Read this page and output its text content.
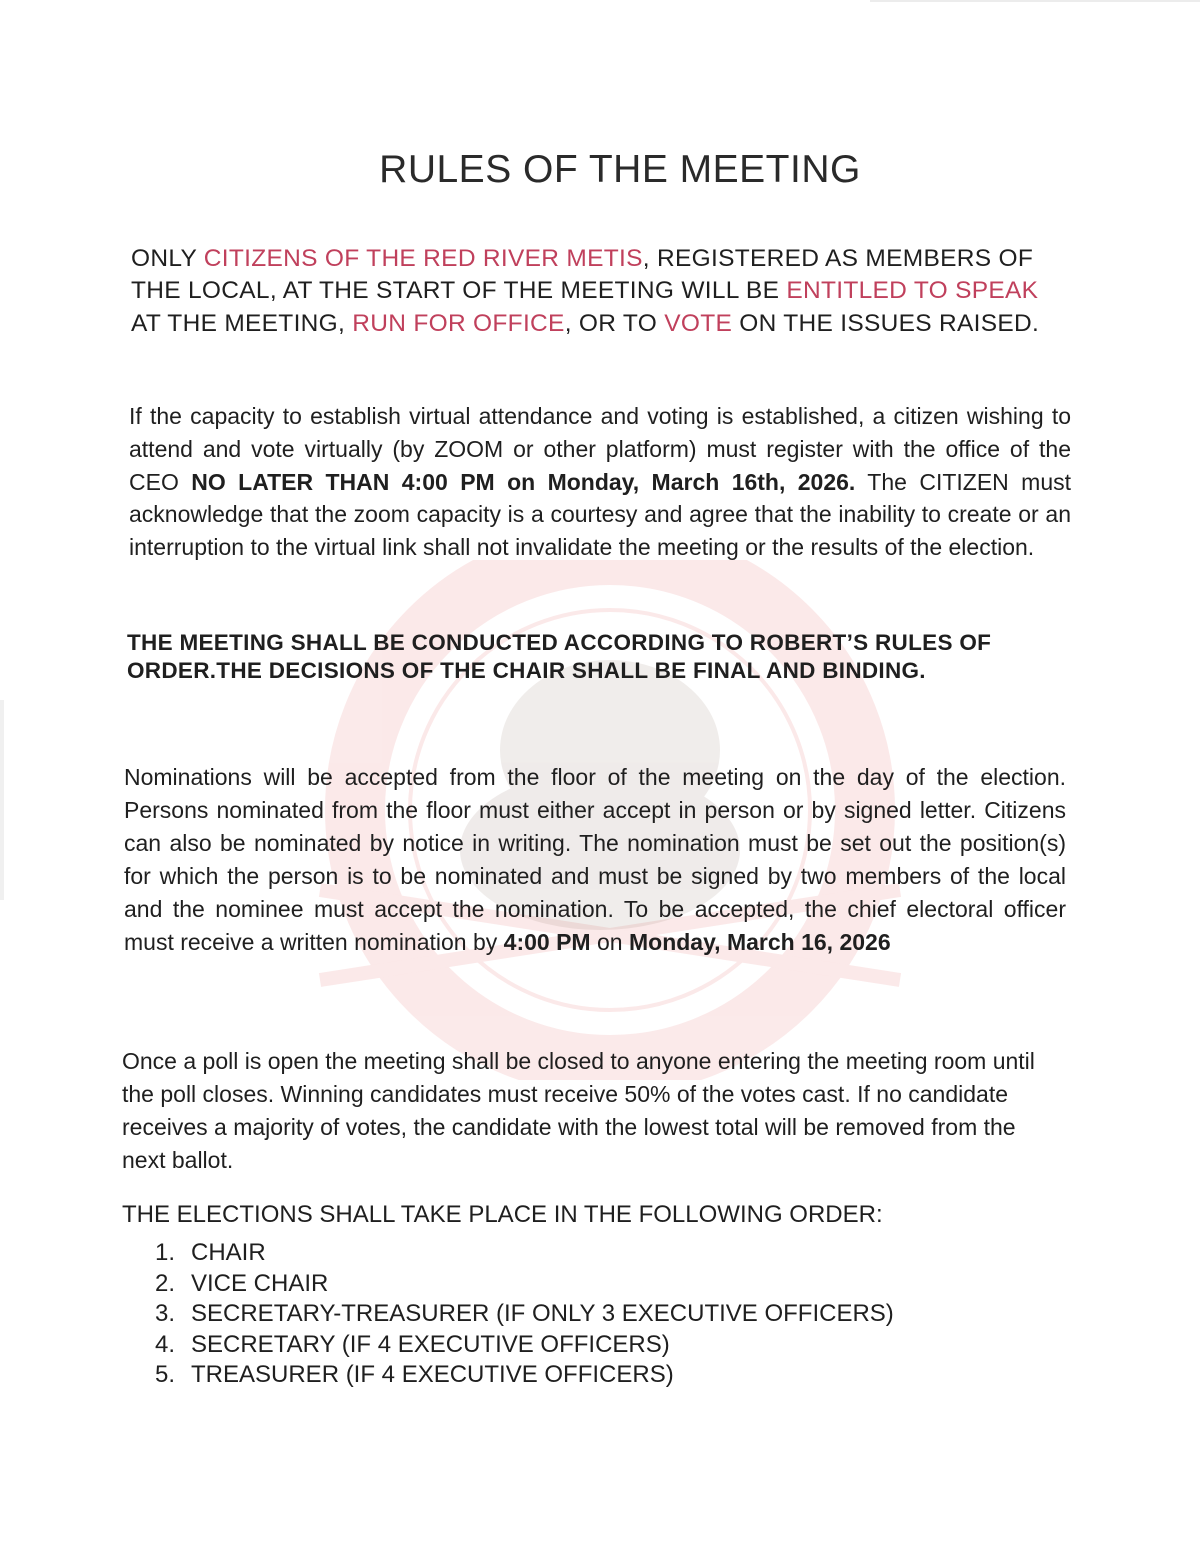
RULES OF THE MEETING

ONLY CITIZENS OF THE RED RIVER METIS, REGISTERED AS MEMBERS OF THE LOCAL, AT THE START OF THE MEETING WILL BE ENTITLED TO SPEAK AT THE MEETING, RUN FOR OFFICE, OR TO VOTE ON THE ISSUES RAISED.

If the capacity to establish virtual attendance and voting is established, a citizen wishing to attend and vote virtually (by ZOOM or other platform) must register with the office of the CEO NO LATER THAN 4:00 PM on Monday, March 16th, 2026. The CITIZEN must acknowledge that the zoom capacity is a courtesy and agree that the inability to create or an interruption to the virtual link shall not invalidate the meeting or the results of the election.

THE MEETING SHALL BE CONDUCTED ACCORDING TO ROBERT’S RULES OF ORDER.THE DECISIONS OF THE CHAIR SHALL BE FINAL AND BINDING.

Nominations will be accepted from the floor of the meeting on the day of the election. Persons nominated from the floor must either accept in person or by signed letter. Citizens can also be nominated by notice in writing. The nomination must be set out the position(s) for which the person is to be nominated and must be signed by two members of the local and the nominee must accept the nomination. To be accepted, the chief electoral officer must receive a written nomination by 4:00 PM on Monday, March 16, 2026

Once a poll is open the meeting shall be closed to anyone entering the meeting room until the poll closes. Winning candidates must receive 50% of the votes cast. If no candidate receives a majority of votes, the candidate with the lowest total will be removed from the next ballot.

THE ELECTIONS SHALL TAKE PLACE IN THE FOLLOWING ORDER:

1. CHAIR
2. VICE CHAIR
3. SECRETARY-TREASURER (IF ONLY 3 EXECUTIVE OFFICERS)
4. SECRETARY (IF 4 EXECUTIVE OFFICERS)
5. TREASURER (IF 4 EXECUTIVE OFFICERS)
